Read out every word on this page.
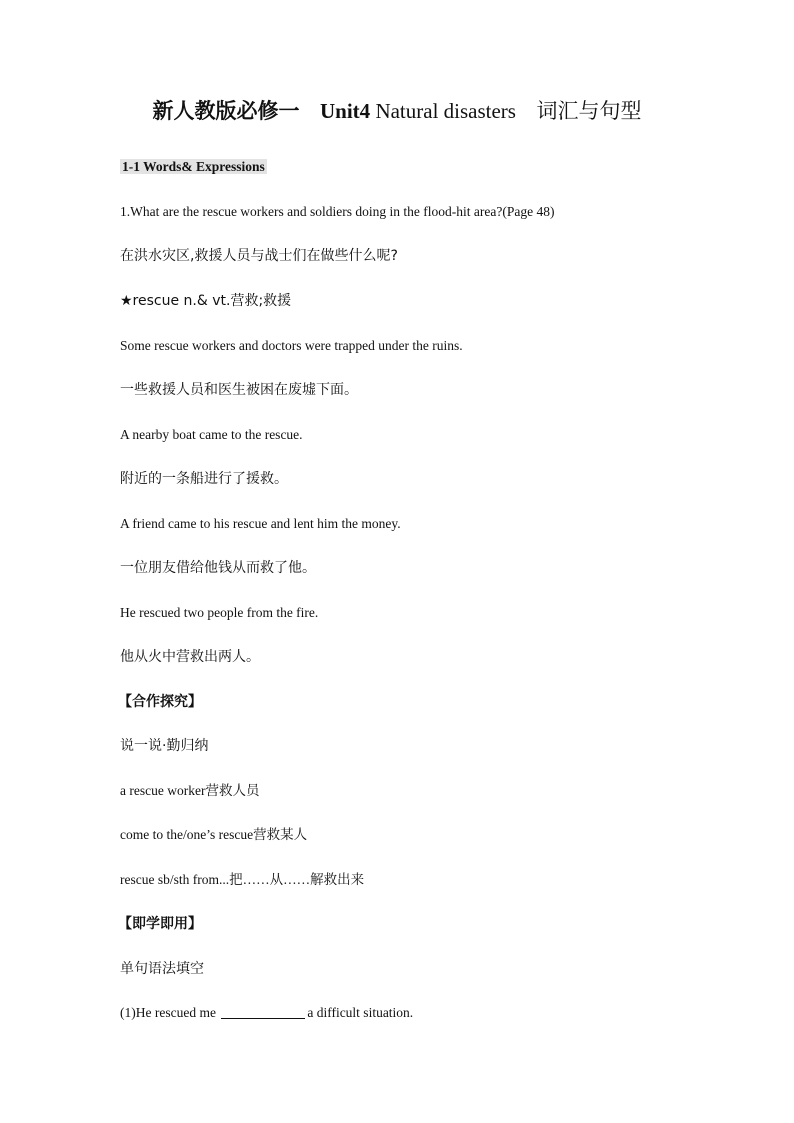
新人教版必修一 Unit4 Natural disasters 词汇与句型
1-1 Words& Expressions
1.What are the rescue workers and soldiers doing in the flood-hit area?(Page 48)
在洪水灾区,救援人员与战士们在做些什么呢?
★rescue n.& vt.营救;救援
Some rescue workers and doctors were trapped under the ruins.
一些救援人员和医生被困在废墟下面。
A nearby boat came to the rescue.
附近的一条船进行了援救。
A friend came to his rescue and lent him the money.
一位朋友借给他钱从而救了他。
He rescued two people from the fire.
他从火中营救出两人。
【合作探究】
说一说·勤归纳
a rescue worker营救人员
come to the/one’s rescue营救某人
rescue sb/sth from...把……从……解救出来
【即学即用】
单句语法填空
(1)He rescued me	a difficult situation.
